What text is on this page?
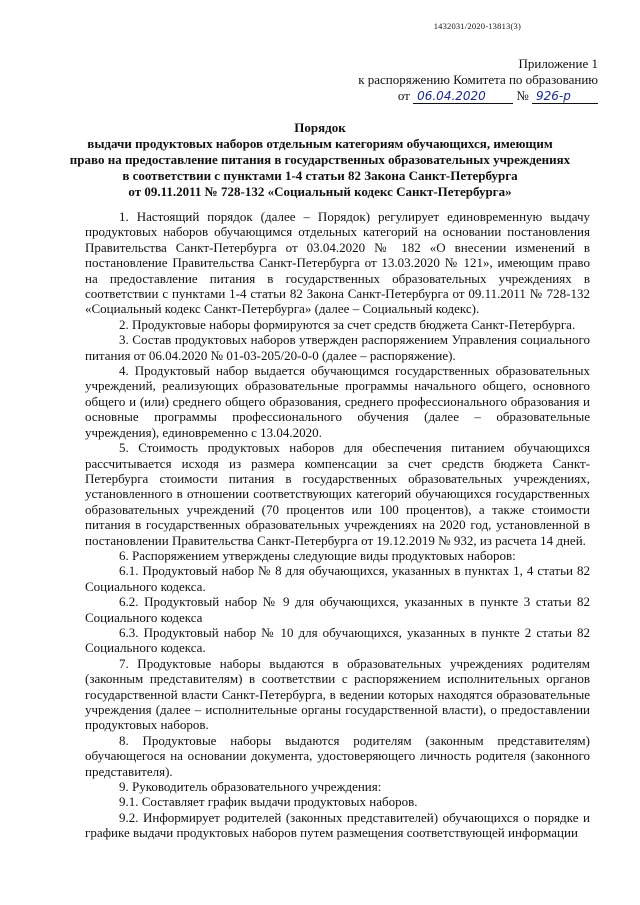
1432031/2020-13813(3)
Приложение 1
к распоряжению Комитета по образованию
от 06.04.2020 № 926-р
Порядок
выдачи продуктовых наборов отдельным категориям обучающихся, имеющим
право на предоставление питания в государственных образовательных учреждениях
в соответствии с пунктами 1-4 статьи 82 Закона Санкт-Петербурга
от 09.11.2011 № 728-132 «Социальный кодекс Санкт-Петербурга»

1. Настоящий порядок (далее – Порядок) регулирует единовременную выдачу продуктовых наборов обучающимся отдельных категорий на основании постановления Правительства Санкт-Петербурга от 03.04.2020 № 182 «О внесении изменений в постановление Правительства Санкт-Петербурга от 13.03.2020 № 121», имеющим право на предоставление питания в государственных образовательных учреждениях в соответствии с пунктами 1-4 статьи 82 Закона Санкт-Петербурга от 09.11.2011 № 728-132 «Социальный кодекс Санкт-Петербурга» (далее – Социальный кодекс).

2. Продуктовые наборы формируются за счет средств бюджета Санкт-Петербурга.

3. Состав продуктовых наборов утвержден распоряжением Управления социального питания от 06.04.2020 № 01-03-205/20-0-0 (далее – распоряжение).

4. Продуктовый набор выдается обучающимся государственных образовательных учреждений, реализующих образовательные программы начального общего, основного общего и (или) среднего общего образования, среднего профессионального образования и основные программы профессионального обучения (далее – образовательные учреждения), единовременно с 13.04.2020.

5. Стоимость продуктовых наборов для обеспечения питанием обучающихся рассчитывается исходя из размера компенсации за счет средств бюджета Санкт-Петербурга стоимости питания в государственных образовательных учреждениях, установленного в отношении соответствующих категорий обучающихся государственных образовательных учреждений (70 процентов или 100 процентов), а также стоимости питания в государственных образовательных учреждениях на 2020 год, установленной в постановлении Правительства Санкт-Петербурга от 19.12.2019 № 932, из расчета 14 дней.

6. Распоряжением утверждены следующие виды продуктовых наборов:

6.1. Продуктовый набор № 8 для обучающихся, указанных в пунктах 1, 4 статьи 82 Социального кодекса.

6.2. Продуктовый набор № 9 для обучающихся, указанных в пункте 3 статьи 82 Социального кодекса

6.3. Продуктовый набор № 10 для обучающихся, указанных в пункте 2 статьи 82 Социального кодекса.

7. Продуктовые наборы выдаются в образовательных учреждениях родителям (законным представителям) в соответствии с распоряжением исполнительных органов государственной власти Санкт-Петербурга, в ведении которых находятся образовательные учреждения (далее – исполнительные органы государственной власти), о предоставлении продуктовых наборов.

8. Продуктовые наборы выдаются родителям (законным представителям) обучающегося на основании документа, удостоверяющего личность родителя (законного представителя).

9. Руководитель образовательного учреждения:

9.1. Составляет график выдачи продуктовых наборов.

9.2. Информирует родителей (законных представителей) обучающихся о порядке и графике выдачи продуктовых наборов путем размещения соответствующей информации
